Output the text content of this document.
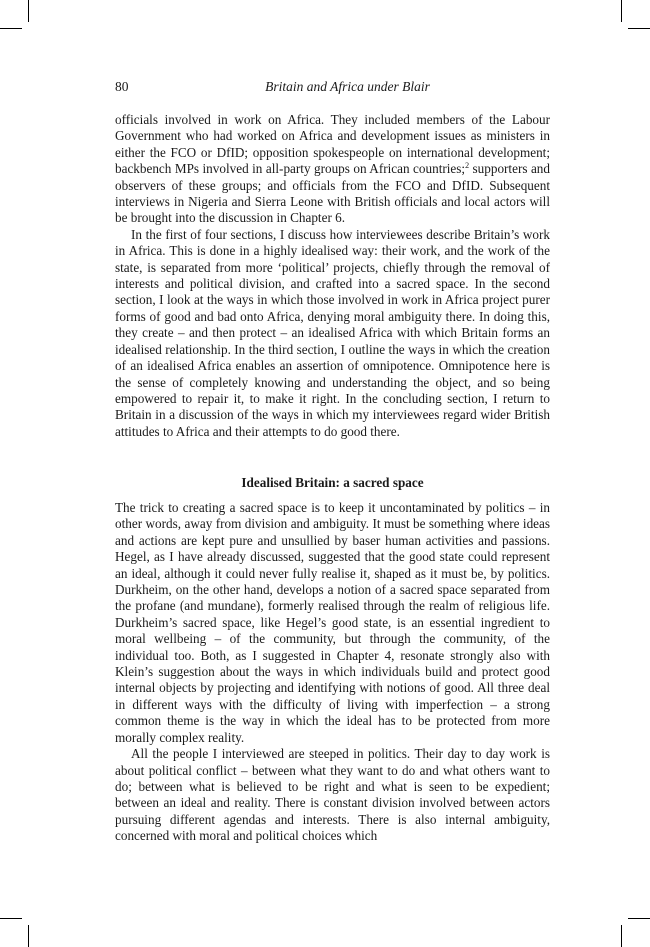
80	Britain and Africa under Blair

officials involved in work on Africa. They included members of the Labour Government who had worked on Africa and development issues as ministers in either the FCO or DfID; opposition spokespeople on international development; backbench MPs involved in all-party groups on African countries;$^2$ supporters and observers of these groups; and officials from the FCO and DfID. Subsequent interviews in Nigeria and Sierra Leone with British officials and local actors will be brought into the discussion in Chapter 6.

In the first of four sections, I discuss how interviewees describe Britain’s work in Africa. This is done in a highly idealised way: their work, and the work of the state, is separated from more ‘political’ projects, chiefly through the removal of interests and political division, and crafted into a sacred space. In the second section, I look at the ways in which those involved in work in Africa project purer forms of good and bad onto Africa, denying moral ambiguity there. In doing this, they create – and then protect – an idealised Africa with which Britain forms an idealised relationship. In the third section, I outline the ways in which the creation of an idealised Africa enables an assertion of omnipotence. Omnipotence here is the sense of completely knowing and understanding the object, and so being empowered to repair it, to make it right. In the concluding section, I return to Britain in a discussion of the ways in which my interviewees regard wider British attitudes to Africa and their attempts to do good there.

Idealised Britain: a sacred space

The trick to creating a sacred space is to keep it uncontaminated by politics – in other words, away from division and ambiguity. It must be something where ideas and actions are kept pure and unsullied by baser human activities and passions. Hegel, as I have already discussed, suggested that the good state could represent an ideal, although it could never fully realise it, shaped as it must be, by politics. Durkheim, on the other hand, develops a notion of a sacred space separated from the profane (and mundane), formerly realised through the realm of religious life. Durkheim’s sacred space, like Hegel’s good state, is an essential ingredient to moral wellbeing – of the community, but through the community, of the individual too. Both, as I suggested in Chapter 4, resonate strongly also with Klein’s suggestion about the ways in which individuals build and protect good internal objects by projecting and identifying with notions of good. All three deal in different ways with the difficulty of living with imperfection – a strong common theme is the way in which the ideal has to be protected from more morally complex reality.

All the people I interviewed are steeped in politics. Their day to day work is about political conflict – between what they want to do and what others want to do; between what is believed to be right and what is seen to be expedient; between an ideal and reality. There is constant division involved between actors pursuing different agendas and interests. There is also internal ambiguity, concerned with moral and political choices which
